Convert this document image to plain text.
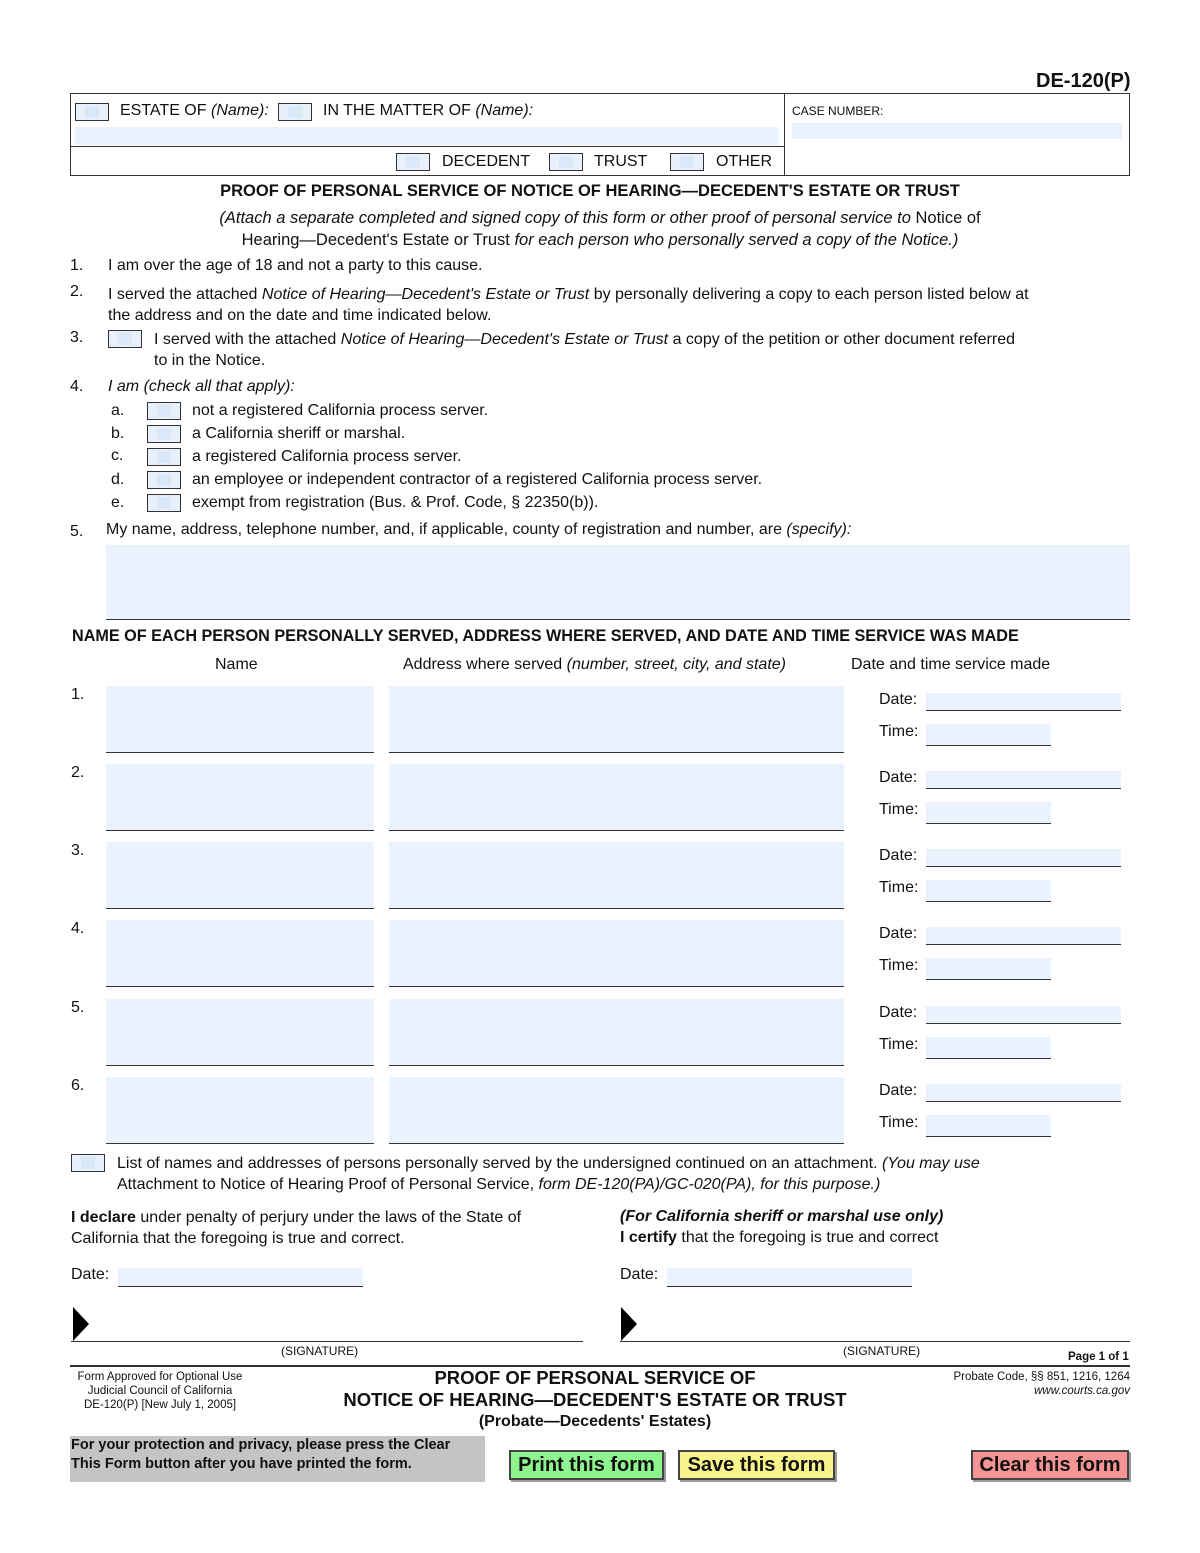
DE-120(P)
ESTATE OF (Name):	IN THE MATTER OF (Name):
DECEDENT	TRUST	OTHER
CASE NUMBER:
PROOF OF PERSONAL SERVICE OF NOTICE OF HEARING—DECEDENT'S ESTATE OR TRUST
(Attach a separate completed and signed copy of this form or other proof of personal service to Notice of
Hearing—Decedent's Estate or Trust for each person who personally served a copy of the Notice.)
1. I am over the age of 18 and not a party to this cause.
2. I served the attached Notice of Hearing—Decedent's Estate or Trust by personally delivering a copy to each person listed below at
the address and on the date and time indicated below.
3.	I served with the attached Notice of Hearing—Decedent's Estate or Trust a copy of the petition or other document referred
to in the Notice.
4. I am (check all that apply):
a.	not a registered California process server.
b.	a California sheriff or marshal.
c.	a registered California process server.
d.	an employee or independent contractor of a registered California process server.
e.	exempt from registration (Bus. & Prof. Code, § 22350(b)).
5. My name, address, telephone number, and, if applicable, county of registration and number, are (specify):
NAME OF EACH PERSON PERSONALLY SERVED, ADDRESS WHERE SERVED, AND DATE AND TIME SERVICE WAS MADE
Name	Address where served (number, street, city, and state)	Date and time service made
1.	Date:
Time:
2.	Date:
Time:
3.	Date:
Time:
4.	Date:
Time:
5.	Date:
Time:
6.	Date:
Time:
List of names and addresses of persons personally served by the undersigned continued on an attachment. (You may use
Attachment to Notice of Hearing Proof of Personal Service, form DE-120(PA)/GC-020(PA), for this purpose.)
I declare under penalty of perjury under the laws of the State of
California that the foregoing is true and correct.
Date:
(SIGNATURE)
(For California sheriff or marshal use only)
I certify that the foregoing is true and correct
Date:
(SIGNATURE)	Page 1 of 1
Form Approved for Optional Use
Judicial Council of California
DE-120(P) [New July 1, 2005]
PROOF OF PERSONAL SERVICE OF
NOTICE OF HEARING—DECEDENT'S ESTATE OR TRUST
(Probate—Decedents' Estates)
Probate Code, §§ 851, 1216, 1264
www.courts.ca.gov
For your protection and privacy, please press the Clear
This Form button after you have printed the form.	Print this form	Save this form	Clear this form
